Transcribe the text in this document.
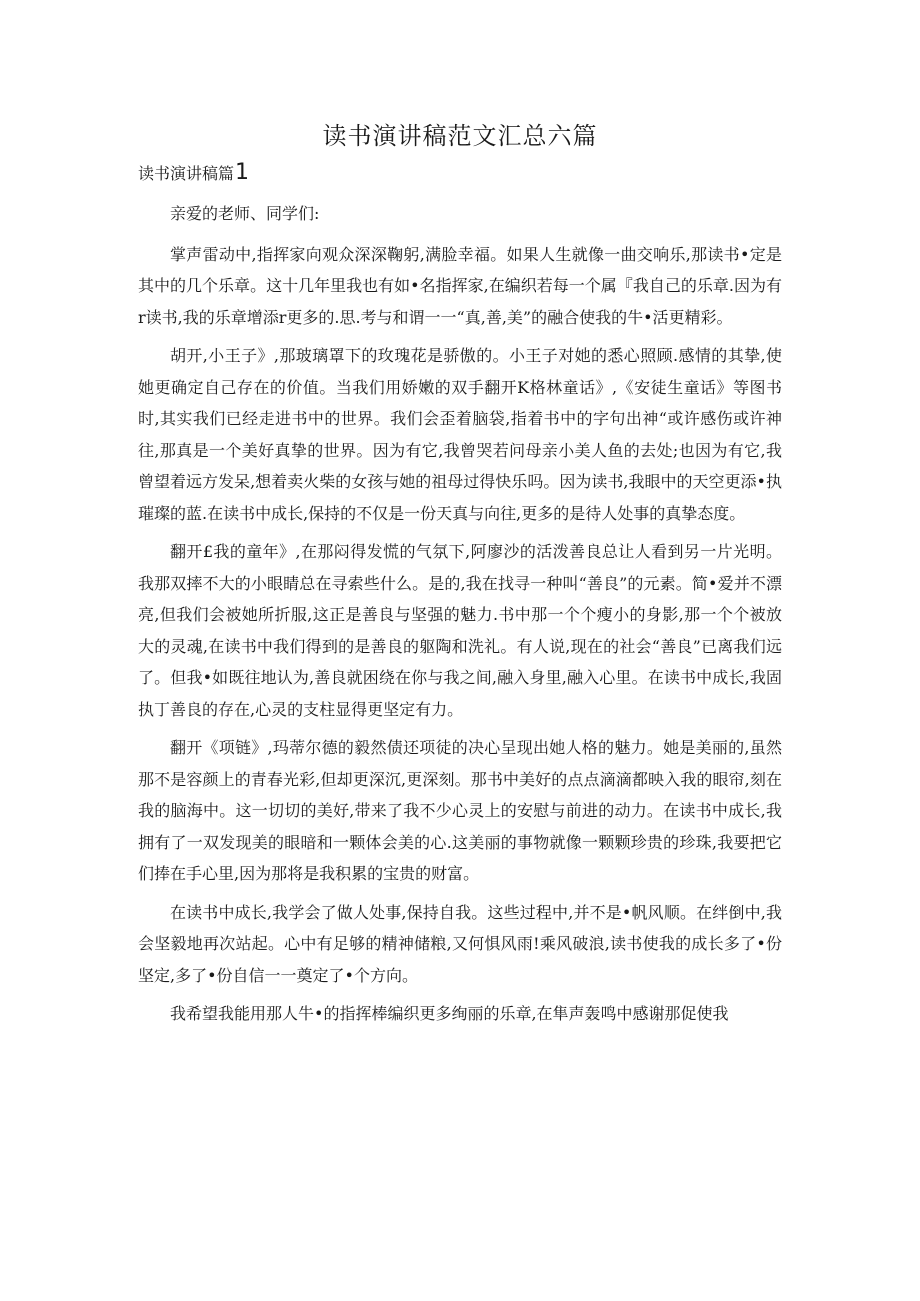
读书演讲稿范文汇总六篇
读书演讲稿篇1

亲爱的老师、同学们:

掌声雷动中,指挥家向观众深深鞠躬,满脸幸福。如果人生就像一曲交响乐,那读书•定是其中的几个乐章。这十几年里我也有如•名指挥家,在编织若每一个属『我自己的乐章.因为有r读书,我的乐章增添r更多的.思.考与和谓一一“真,善,美”的融合使我的牛•活更精彩。

胡开,小王子》,那玻璃罩下的玫瑰花是骄傲的。小王子对她的悉心照顾.感情的其挚,使她更确定自己存在的价值。当我们用娇嫩的双手翻开K格林童话》,《安徒生童话》等图书时,其实我们已经走进书中的世界。我们会歪着脑袋,指着书中的字句出神“或许感伤或许神往,那真是一个美好真挚的世界。因为有它,我曾哭若问母亲小美人鱼的去处;也因为有它,我曾望着远方发呆,想着卖火柴的女孩与她的祖母过得快乐吗。因为读书,我眼中的天空更添•执璀璨的蓝.在读书中成长,保持的不仅是一份天真与向往,更多的是待人处事的真挚态度。

翻开£我的童年》,在那闷得发慌的气氛下,阿廖沙的活泼善良总让人看到另一片光明。我那双摔不大的小眼睛总在寻索些什么。是的,我在找寻一种叫“善良”的元素。简•爱并不漂亮,但我们会被她所折服,这正是善良与坚强的魅力.书中那一个个瘦小的身影,那一个个被放大的灵魂,在读书中我们得到的是善良的躯陶和洗礼。有人说,现在的社会“善良”已离我们远了。但我•如既往地认为,善良就困绕在你与我之间,融入身里,融入心里。在读书中成长,我固执丁善良的存在,心灵的支柱显得更坚定有力。

翻开《项链》,玛蒂尔德的毅然债还项徒的决心呈现出她人格的魅力。她是美丽的,虽然那不是容颜上的青春光彩,但却更深沉,更深刻。那书中美好的点点滴滴都映入我的眼帘,刻在我的脑海中。这一切切的美好,带来了我不少心灵上的安慰与前进的动力。在读书中成长,我拥有了一双发现美的眼暗和一颗体会美的心.这美丽的事物就像一颗颗珍贵的珍珠,我要把它们捧在手心里,因为那将是我积累的宝贵的财富。

在读书中成长,我学会了做人处事,保持自我。这些过程中,并不是•帆风顺。在绊倒中,我会坚毅地再次站起。心中有足够的精神储粮,又何惧风雨!乘风破浪,读书使我的成长多了•份坚定,多了•份自信一一奠定了•个方向。

我希望我能用那人牛•的指挥棒编织更多绚丽的乐章,在隼声轰鸣中感谢那促使我
